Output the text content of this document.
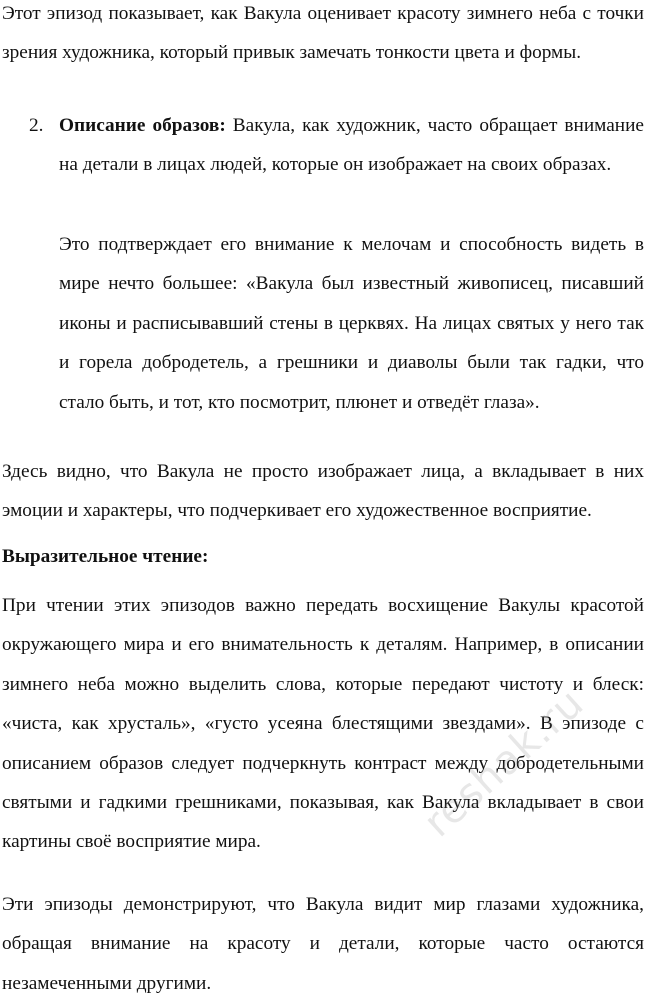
Этот эпизод показывает, как Вакула оценивает красоту зимнего неба с точки зрения художника, который привык замечать тонкости цвета и формы.

2. Описание образов: Вакула, как художник, часто обращает внимание на детали в лицах людей, которые он изображает на своих образах.

Это подтверждает его внимание к мелочам и способность видеть в мире нечто большее: «Вакула был известный живописец, писавший иконы и расписывавший стены в церквях. На лицах святых у него так и горела добродетель, а грешники и диаволы были так гадки, что стало быть, и тот, кто посмотрит, плюнет и отведёт глаза».

Здесь видно, что Вакула не просто изображает лица, а вкладывает в них эмоции и характеры, что подчеркивает его художественное восприятие.

Выразительное чтение:

При чтении этих эпизодов важно передать восхищение Вакулы красотой окружающего мира и его внимательность к деталям. Например, в описании зимнего неба можно выделить слова, которые передают чистоту и блеск: «чиста, как хрусталь», «густо усеяна блестящими звездами». В эпизоде с описанием образов следует подчеркнуть контраст между добродетельными святыми и гадкими грешниками, показывая, как Вакула вкладывает в свои картины своё восприятие мира.

Эти эпизоды демонстрируют, что Вакула видит мир глазами художника, обращая внимание на красоту и детали, которые часто остаются незамеченными другими.

reshak.ru
